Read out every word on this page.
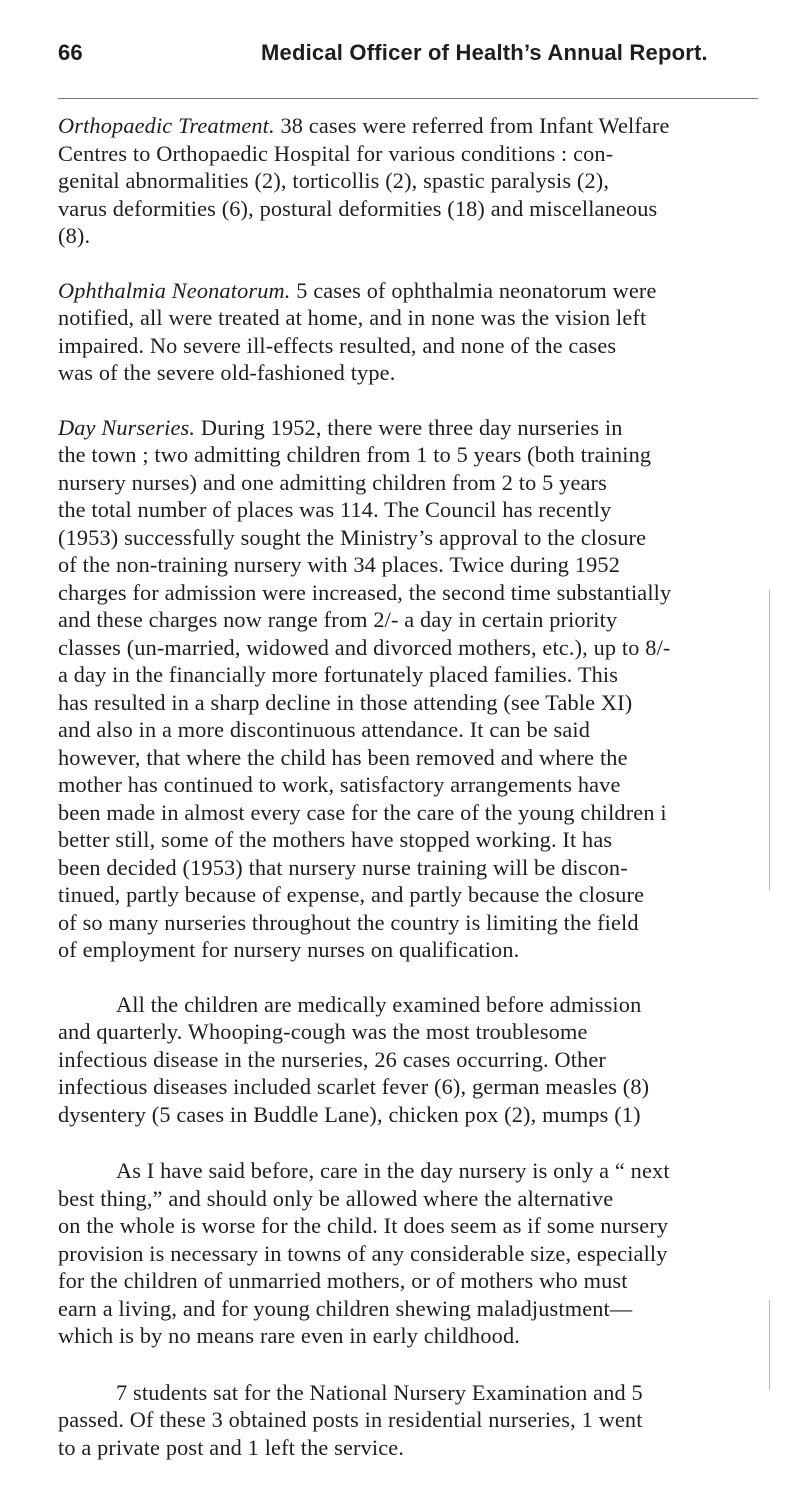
66	Medical Officer of Health’s Annual Report.

Orthopaedic Treatment. 38 cases were referred from Infant Welfare
Centres to Orthopaedic Hospital for various conditions : con-
genital abnormalities (2), torticollis (2), spastic paralysis (2),
varus deformities (6), postural deformities (18) and miscellaneous
(8).

Ophthalmia Neonatorum. 5 cases of ophthalmia neonatorum were
notified, all were treated at home, and in none was the vision left
impaired. No severe ill-effects resulted, and none of the cases
was of the severe old-fashioned type.

Day Nurseries. During 1952, there were three day nurseries in
the town ; two admitting children from 1 to 5 years (both training
nursery nurses) and one admitting children from 2 to 5 years
the total number of places was 114. The Council has recently
(1953) successfully sought the Ministry’s approval to the closure
of the non-training nursery with 34 places. Twice during 1952
charges for admission were increased, the second time substantially
and these charges now range from 2/- a day in certain priority
classes (un-married, widowed and divorced mothers, etc.), up to 8/-
a day in the financially more fortunately placed families. This
has resulted in a sharp decline in those attending (see Table XI)
and also in a more discontinuous attendance. It can be said
however, that where the child has been removed and where the
mother has continued to work, satisfactory arrangements have
been made in almost every case for the care of the young children i
better still, some of the mothers have stopped working. It has
been decided (1953) that nursery nurse training will be discon-
tinued, partly because of expense, and partly because the closure
of so many nurseries throughout the country is limiting the field
of employment for nursery nurses on qualification.

All the children are medically examined before admission
and quarterly. Whooping-cough was the most troublesome
infectious disease in the nurseries, 26 cases occurring. Other
infectious diseases included scarlet fever (6), german measles (8)
dysentery (5 cases in Buddle Lane), chicken pox (2), mumps (1)

As I have said before, care in the day nursery is only a “ next
best thing,” and should only be allowed where the alternative
on the whole is worse for the child. It does seem as if some nursery
provision is necessary in towns of any considerable size, especially
for the children of unmarried mothers, or of mothers who must
earn a living, and for young children shewing maladjustment—
which is by no means rare even in early childhood.

7 students sat for the National Nursery Examination and 5
passed. Of these 3 obtained posts in residential nurseries, 1 went
to a private post and 1 left the service.
